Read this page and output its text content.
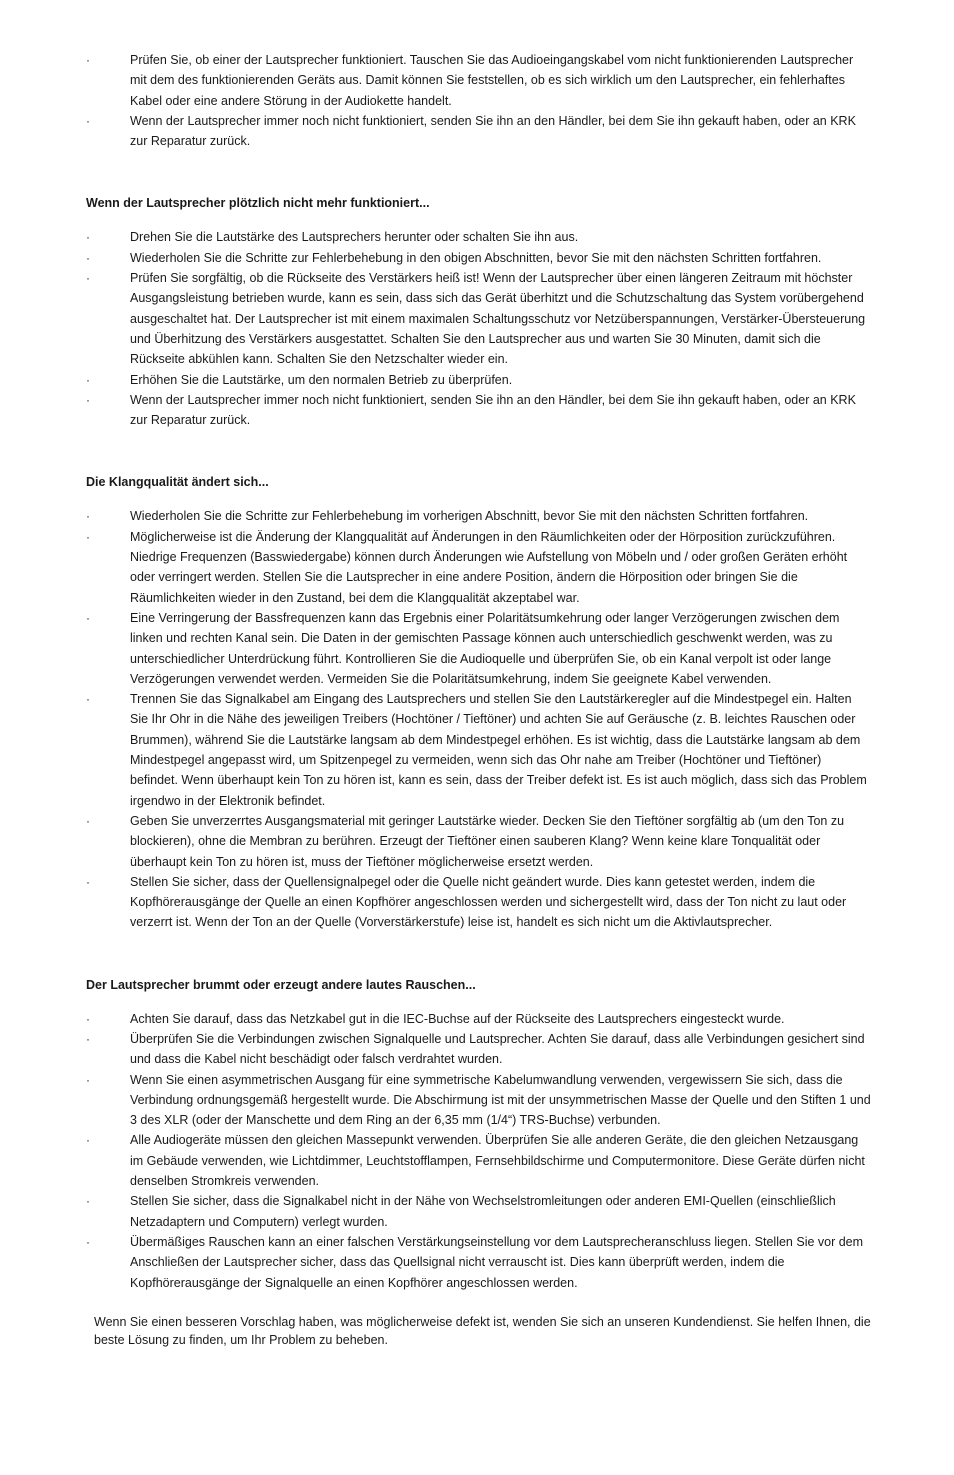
·	Prüfen Sie, ob einer der Lautsprecher funktioniert. Tauschen Sie das Audioeingangskabel vom nicht funktionierenden Lautsprecher mit dem des funktionierenden Geräts aus. Damit können Sie feststellen, ob es sich wirklich um den Lautsprecher, ein fehlerhaftes Kabel oder eine andere Störung in der Audiokette handelt.
·	Wenn der Lautsprecher immer noch nicht funktioniert, senden Sie ihn an den Händler, bei dem Sie ihn gekauft haben, oder an KRK zur Reparatur zurück.
Wenn der Lautsprecher plötzlich nicht mehr funktioniert...
·	Drehen Sie die Lautstärke des Lautsprechers herunter oder schalten Sie ihn aus.
·	Wiederholen Sie die Schritte zur Fehlerbehebung in den obigen Abschnitten, bevor Sie mit den nächsten Schritten fortfahren.
·	Prüfen Sie sorgfältig, ob die Rückseite des Verstärkers heiß ist! Wenn der Lautsprecher über einen längeren Zeitraum mit höchster Ausgangsleistung betrieben wurde, kann es sein, dass sich das Gerät überhitzt und die Schutzschaltung das System vorübergehend ausgeschaltet hat. Der Lautsprecher ist mit einem maximalen Schaltungsschutz vor Netzüberspannungen, Verstärker-Übersteuerung und Überhitzung des Verstärkers ausgestattet. Schalten Sie den Lautsprecher aus und warten Sie 30 Minuten, damit sich die Rückseite abkühlen kann. Schalten Sie den Netzschalter wieder ein.
·	Erhöhen Sie die Lautstärke, um den normalen Betrieb zu überprüfen.
·	Wenn der Lautsprecher immer noch nicht funktioniert, senden Sie ihn an den Händler, bei dem Sie ihn gekauft haben, oder an KRK zur Reparatur zurück.
Die Klangqualität ändert sich...
·	Wiederholen Sie die Schritte zur Fehlerbehebung im vorherigen Abschnitt, bevor Sie mit den nächsten Schritten fortfahren.
·	Möglicherweise ist die Änderung der Klangqualität auf Änderungen in den Räumlichkeiten oder der Hörposition zurückzuführen. Niedrige Frequenzen (Basswiedergabe) können durch Änderungen wie Aufstellung von Möbeln und / oder großen Geräten erhöht oder verringert werden. Stellen Sie die Lautsprecher in eine andere Position, ändern die Hörposition oder bringen Sie die Räumlichkeiten wieder in den Zustand, bei dem die Klangqualität akzeptabel war.
·	Eine Verringerung der Bassfrequenzen kann das Ergebnis einer Polaritätsumkehrung oder langer Verzögerungen zwischen dem linken und rechten Kanal sein. Die Daten in der gemischten Passage können auch unterschiedlich geschwenkt werden, was zu unterschiedlicher Unterdrückung führt. Kontrollieren Sie die Audioquelle und überprüfen Sie, ob ein Kanal verpolt ist oder lange Verzögerungen verwendet werden. Vermeiden Sie die Polaritätsumkehrung, indem Sie geeignete Kabel verwenden.
·	Trennen Sie das Signalkabel am Eingang des Lautsprechers und stellen Sie den Lautstärkeregler auf die Mindestpegel ein. Halten Sie Ihr Ohr in die Nähe des jeweiligen Treibers (Hochtöner / Tieftöner) und achten Sie auf Geräusche (z. B. leichtes Rauschen oder Brummen), während Sie die Lautstärke langsam ab dem Mindestpegel erhöhen. Es ist wichtig, dass die Lautstärke langsam ab dem Mindestpegel angepasst wird, um Spitzenpegel zu vermeiden, wenn sich das Ohr nahe am Treiber (Hochtöner und Tieftöner) befindet. Wenn überhaupt kein Ton zu hören ist, kann es sein, dass der Treiber defekt ist. Es ist auch möglich, dass sich das Problem irgendwo in der Elektronik befindet.
·	Geben Sie unverzerrtes Ausgangsmaterial mit geringer Lautstärke wieder. Decken Sie den Tieftöner sorgfältig ab (um den Ton zu blockieren), ohne die Membran zu berühren. Erzeugt der Tieftöner einen sauberen Klang? Wenn keine klare Tonqualität oder überhaupt kein Ton zu hören ist, muss der Tieftöner möglicherweise ersetzt werden.
·	Stellen Sie sicher, dass der Quellensignalpegel oder die Quelle nicht geändert wurde. Dies kann getestet werden, indem die Kopfhörerausgänge der Quelle an einen Kopfhörer angeschlossen werden und sichergestellt wird, dass der Ton nicht zu laut oder verzerrt ist. Wenn der Ton an der Quelle (Vorverstärkerstufe) leise ist, handelt es sich nicht um die Aktivlautsprecher.
Der Lautsprecher brummt oder erzeugt andere lautes Rauschen...
·	Achten Sie darauf, dass das Netzkabel gut in die IEC-Buchse auf der Rückseite des Lautsprechers eingesteckt wurde.
·	Überprüfen Sie die Verbindungen zwischen Signalquelle und Lautsprecher. Achten Sie darauf, dass alle Verbindungen gesichert sind und dass die Kabel nicht beschädigt oder falsch verdrahtet wurden.
·	Wenn Sie einen asymmetrischen Ausgang für eine symmetrische Kabelumwandlung verwenden, vergewissern Sie sich, dass die Verbindung ordnungsgemäß hergestellt wurde. Die Abschirmung ist mit der unsymmetrischen Masse der Quelle und den Stiften 1 und 3 des XLR (oder der Manschette und dem Ring an der 6,35 mm (1/4“) TRS-Buchse) verbunden.
·	Alle Audiogeräte müssen den gleichen Massepunkt verwenden. Überprüfen Sie alle anderen Geräte, die den gleichen Netzausgang im Gebäude verwenden, wie Lichtdimmer, Leuchtstofflampen, Fernsehbildschirme und Computermonitore. Diese Geräte dürfen nicht denselben Stromkreis verwenden.
·	Stellen Sie sicher, dass die Signalkabel nicht in der Nähe von Wechselstromleitungen oder anderen EMI-Quellen (einschließlich Netzadaptern und Computern) verlegt wurden.
·	Übermäßiges Rauschen kann an einer falschen Verstärkungseinstellung vor dem Lautsprecheranschluss liegen. Stellen Sie vor dem Anschließen der Lautsprecher sicher, dass das Quellsignal nicht verrauscht ist. Dies kann überprüft werden, indem die Kopfhörerausgänge der Signalquelle an einen Kopfhörer angeschlossen werden.

Wenn Sie einen besseren Vorschlag haben, was möglicherweise defekt ist, wenden Sie sich an unseren Kundendienst. Sie helfen Ihnen, die beste Lösung zu finden, um Ihr Problem zu beheben.
